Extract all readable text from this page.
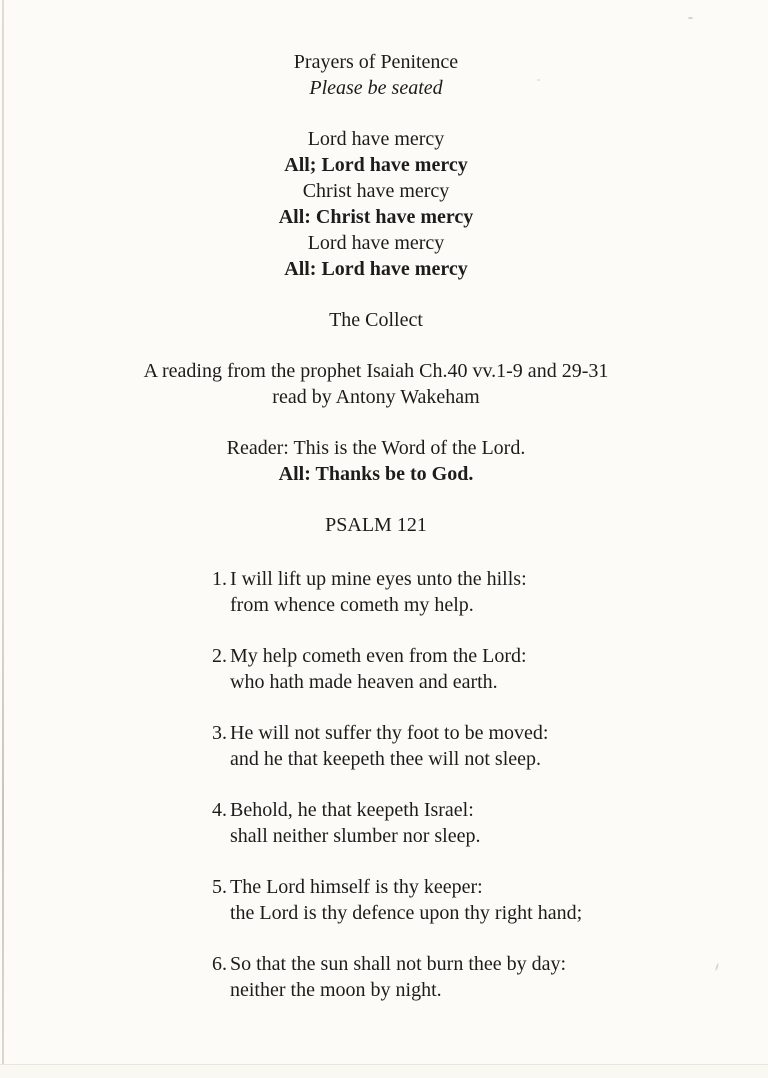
Prayers of Penitence
Please be seated

Lord have mercy
All; Lord have mercy
Christ have mercy
All: Christ have mercy
Lord have mercy
All: Lord have mercy

The Collect

A reading from the prophet Isaiah Ch.40 vv.1-9 and 29-31
read by Antony Wakeham

Reader: This is the Word of the Lord.
All: Thanks be to God.

PSALM 121

1. I will lift up mine eyes unto the hills:
from whence cometh my help.

2. My help cometh even from the Lord:
who hath made heaven and earth.

3. He will not suffer thy foot to be moved:
and he that keepeth thee will not sleep.

4. Behold, he that keepeth Israel:
shall neither slumber nor sleep.

5. The Lord himself is thy keeper:
the Lord is thy defence upon thy right hand;

6. So that the sun shall not burn thee by day:
neither the moon by night.
